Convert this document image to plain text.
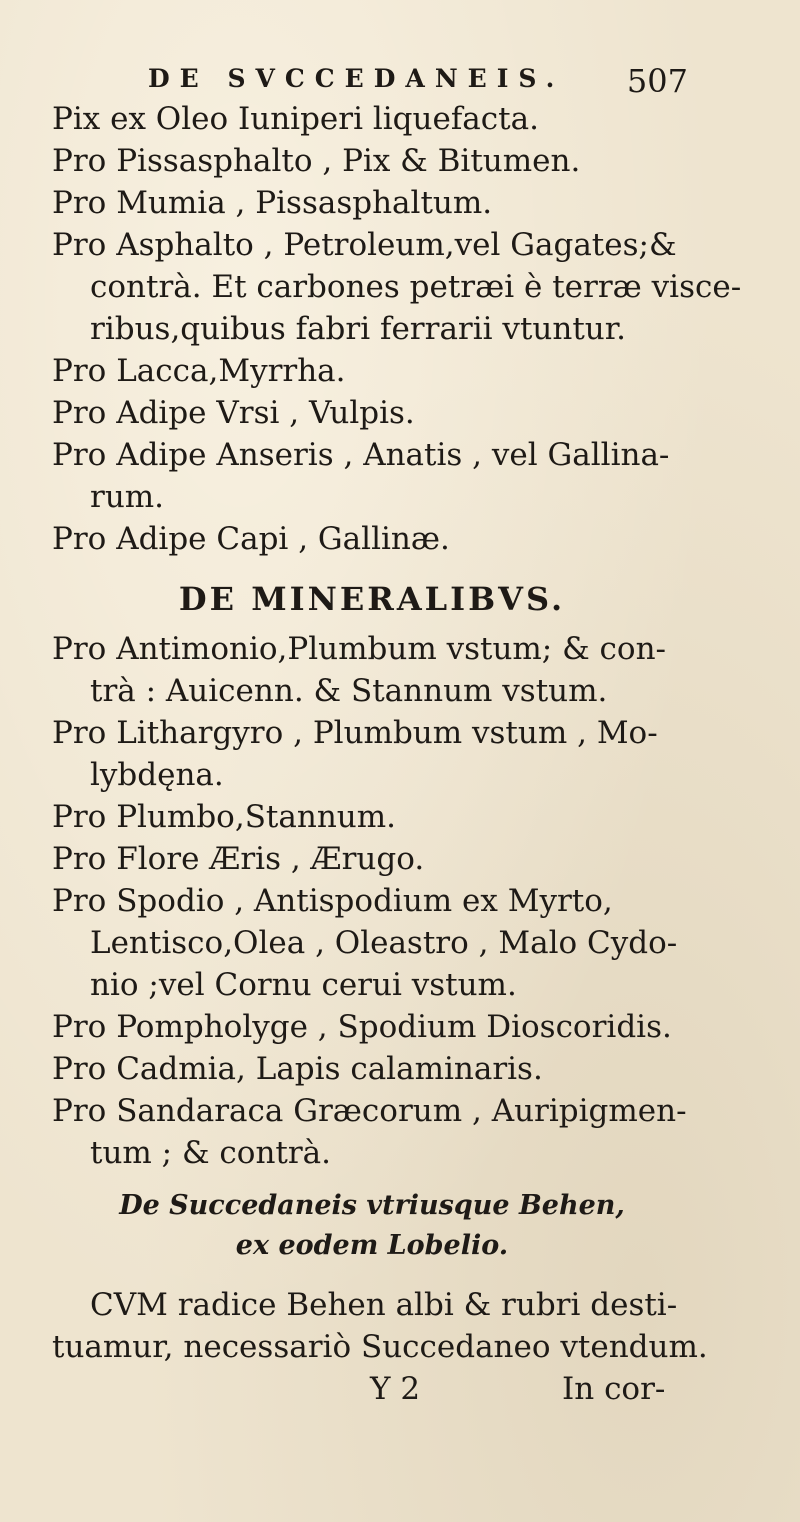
DE SVCCEDANEIS. 507
Pix ex Oleo Iuniperi liquefacta.
Pro Pissasphalto , Pix & Bitumen.
Pro Mumia , Pissasphaltum.
Pro Asphalto , Petroleum,vel Gagates;&
contrà. Et carbones petræi è terræ visce-
ribus,quibus fabri ferrarii vtuntur.
Pro Lacca,Myrrha.
Pro Adipe Vrsi , Vulpis.
Pro Adipe Anseris , Anatis , vel Gallina-
rum.
Pro Adipe Capi , Gallinæ.
DE MINERALIBVS.
Pro Antimonio,Plumbum vstum; & con-
trà : Auicenn. & Stannum vstum.
Pro Lithargyro , Plumbum vstum , Mo-
lybdęna.
Pro Plumbo,Stannum.
Pro Flore Æris , Ærugo.
Pro Spodio , Antispodium ex Myrto,
Lentisco,Olea , Oleastro , Malo Cydo-
nio ;vel Cornu cerui vstum.
Pro Pompholyge , Spodium Dioscoridis.
Pro Cadmia, Lapis calaminaris.
Pro Sandaraca Græcorum , Auripigmen-
tum ; & contrà.
De Succedaneis vtriusque Behen,
ex eodem Lobelio.
CVM radice Behen albi & rubri desti-
tuamur, necessariò Succedaneo vtendum.
Y 2	In cor-
